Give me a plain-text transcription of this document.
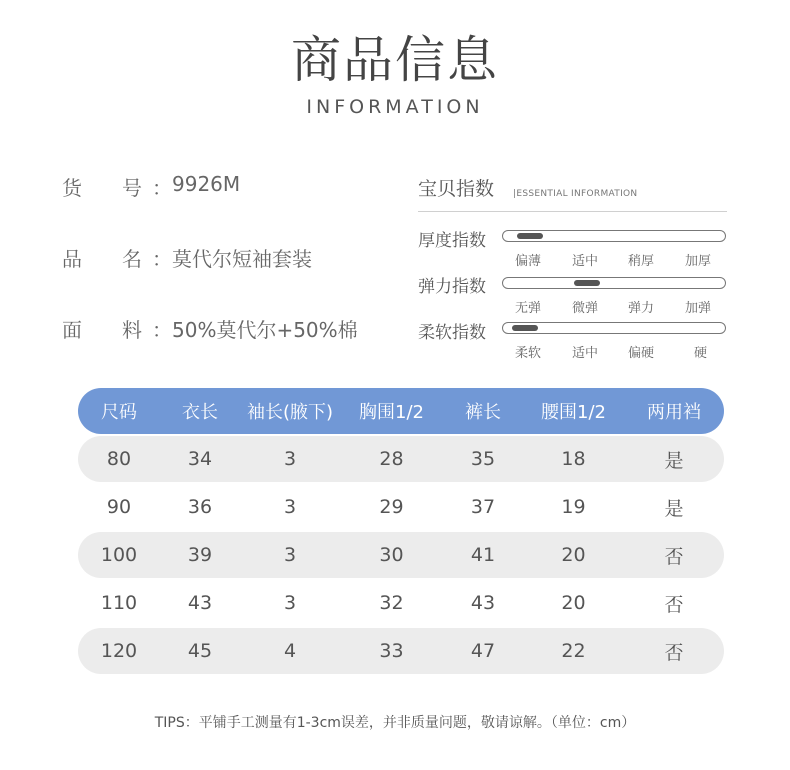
商品信息
INFORMATION
货	号 ： 9926M
品	名 ： 莫代尔短袖套装
面	料 ： 50%莫代尔+50%棉
宝贝指数 |ESSENTIAL INFORMATION
厚度指数
偏薄 适中 稍厚 加厚
弹力指数
无弹 微弹 弹力 加弹
柔软指数
柔软 适中 偏硬	硬
尺码	衣长	袖长(腋下)	胸围1/2	裤长	腰围1/2	两用裆
80	34	3	28	35	18	是
90	36	3	29	37	19	是
100	39	3	30	41	20	否
110	43	3	32	43	20	否
120	45	4	33	47	22	否
TIPS：平铺手工测量有1-3cm误差，并非质量问题，敬请谅解。（单位：cm）
